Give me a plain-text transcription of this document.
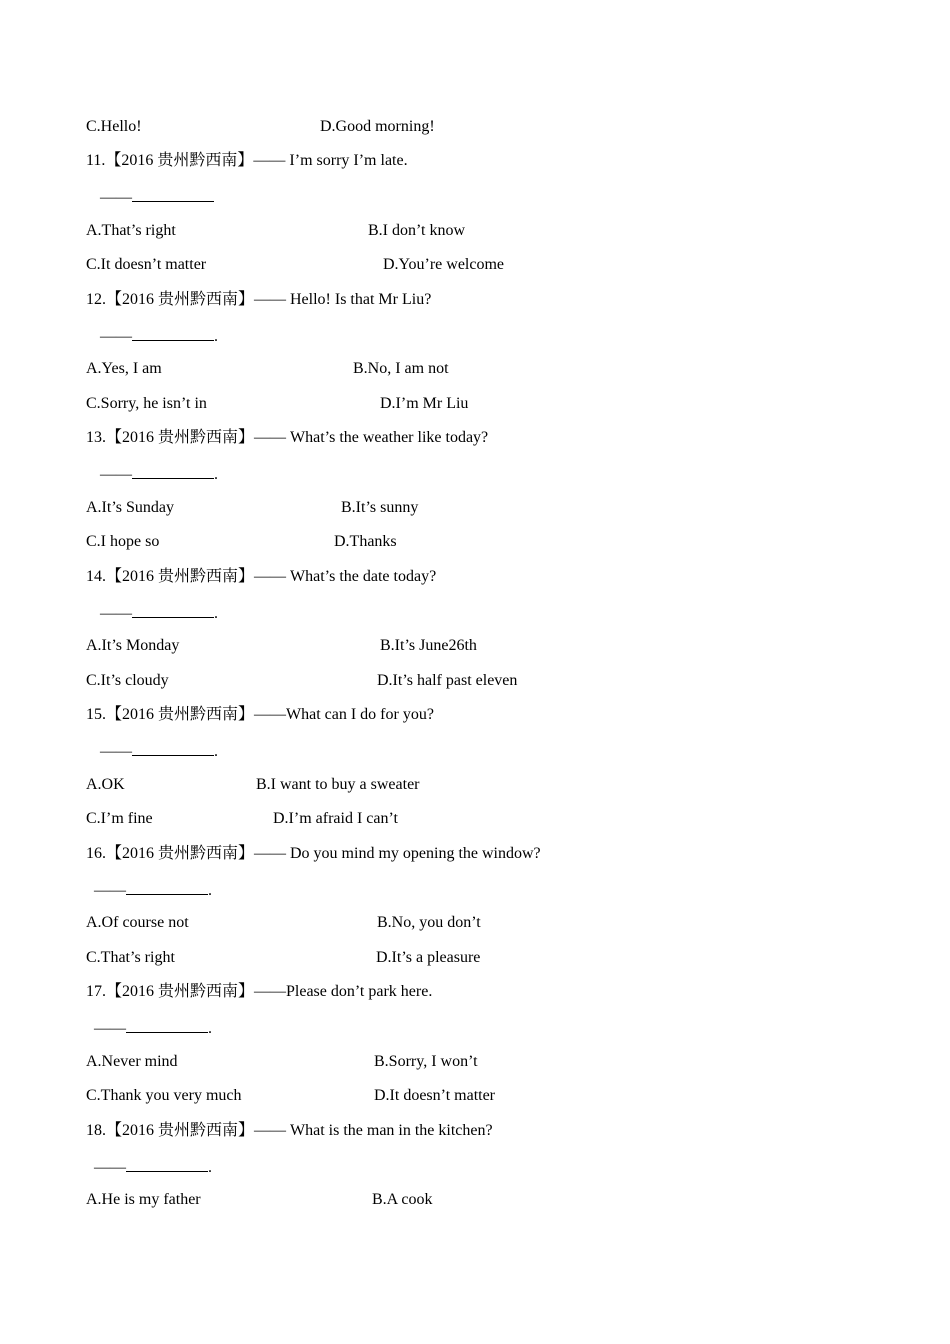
C.Hello!	D.Good morning!
11.【2016 贵州黔西南】—— I’m sorry I’m late.
——
A.That’s right	B.I don’t know
C.It doesn’t matter	D.You’re welcome
12.【2016 贵州黔西南】—— Hello! Is that Mr Liu?
——	.
A.Yes, I am	B.No, I am not
C.Sorry, he isn’t in	D.I’m Mr Liu
13.【2016 贵州黔西南】—— What’s the weather like today?
——	.
A.It’s Sunday	B.It’s sunny
C.I hope so	D.Thanks
14.【2016 贵州黔西南】—— What’s the date today?
——	.
A.It’s Monday	B.It’s June26th
C.It’s cloudy	D.It’s half past eleven
15.【2016 贵州黔西南】——What can I do for you?
——	.
A.OK	B.I want to buy a sweater
C.I’m fine	D.I’m afraid I can’t
16.【2016 贵州黔西南】—— Do you mind my opening the window?
——	.
A.Of course not	B.No, you don’t
C.That’s right	D.It’s a pleasure
17.【2016 贵州黔西南】——Please don’t park here.
——	.
A.Never mind	B.Sorry, I won’t
C.Thank you very much	D.It doesn’t matter
18.【2016 贵州黔西南】—— What is the man in the kitchen?
——	.
A.He is my father	B.A cook
